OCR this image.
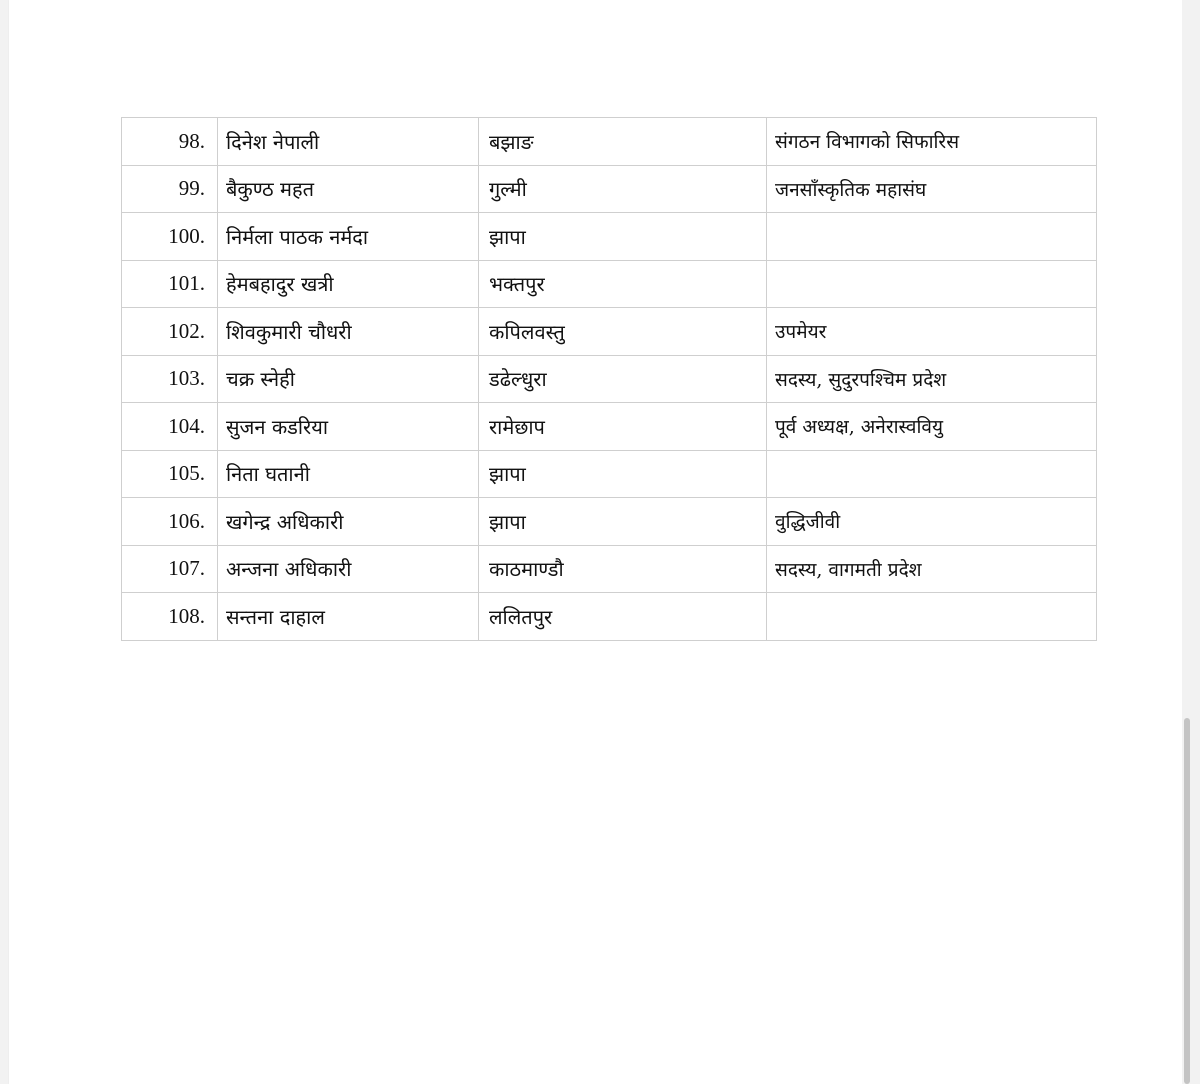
98.	दिनेश नेपाली	बझाङ	संगठन विभागको सिफारिस
99.	बैकुण्ठ महत	गुल्मी	जनसाँस्कृतिक महासंघ
100.	निर्मला पाठक नर्मदा	झापा	
101.	हेमबहादुर खत्री	भक्तपुर	
102.	शिवकुमारी चौधरी	कपिलवस्तु	उपमेयर
103.	चक्र स्नेही	डढेल्धुरा	सदस्य, सुदुरपश्चिम प्रदेश
104.	सुजन कडरिया	रामेछाप	पूर्व अध्यक्ष, अनेरास्ववियु
105.	निता घतानी	झापा	
106.	खगेन्द्र अधिकारी	झापा	वुद्धिजीवी
107.	अन्जना अधिकारी	काठमाण्डौ	सदस्य, वागमती प्रदेश
108.	सन्तना दाहाल	ललितपुर	
